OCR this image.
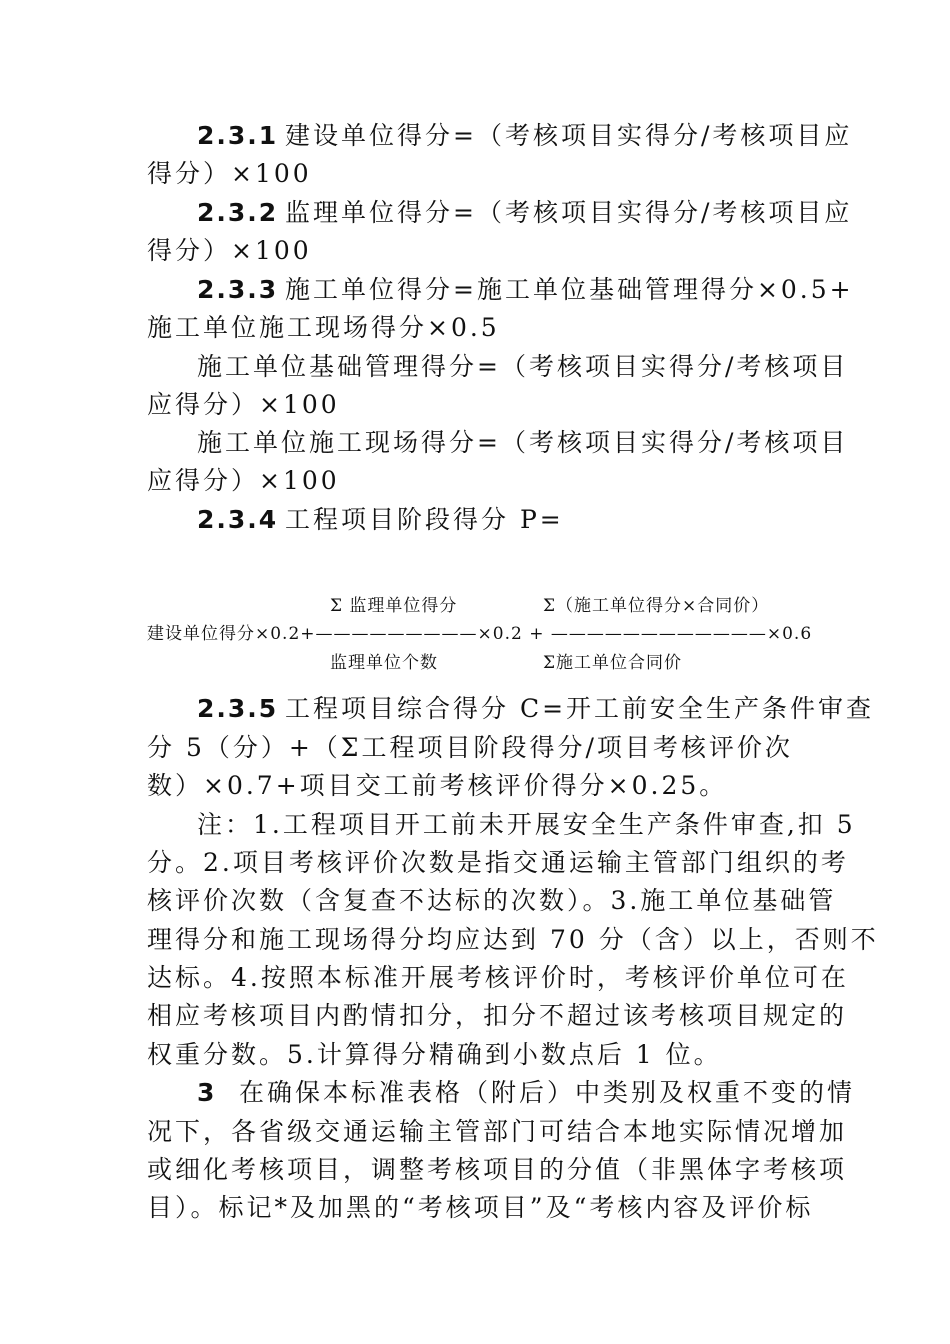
2.3.1 建设单位得分=（考核项目实得分/考核项目应
得分）×100
2.3.2 监理单位得分=（考核项目实得分/考核项目应
得分）×100
2.3.3 施工单位得分=施工单位基础管理得分×0.5+
施工单位施工现场得分×0.5
施工单位基础管理得分=（考核项目实得分/考核项目
应得分）×100
施工单位施工现场得分=（考核项目实得分/考核项目
应得分）×100
2.3.4 工程项目阶段得分 P=
Σ 监理单位得分	Σ（施工单位得分×合同价）
建设单位得分×0.2+—————————×0.2 + ————————————×0.6
监理单位个数	Σ施工单位合同价
2.3.5 工程项目综合得分 C=开工前安全生产条件审查
分 5（分）+（Σ工程项目阶段得分/项目考核评价次
数）×0.7+项目交工前考核评价得分×0.25。
注：1.工程项目开工前未开展安全生产条件审查,扣 5
分。2.项目考核评价次数是指交通运输主管部门组织的考
核评价次数（含复查不达标的次数）。3.施工单位基础管
理得分和施工现场得分均应达到 70 分（含）以上，否则不
达标。4.按照本标准开展考核评价时，考核评价单位可在
相应考核项目内酌情扣分，扣分不超过该考核项目规定的
权重分数。5.计算得分精确到小数点后 1 位。
3 在确保本标准表格（附后）中类别及权重不变的情
况下，各省级交通运输主管部门可结合本地实际情况增加
或细化考核项目，调整考核项目的分值（非黑体字考核项
目）。标记*及加黑的“考核项目”及“考核内容及评价标
